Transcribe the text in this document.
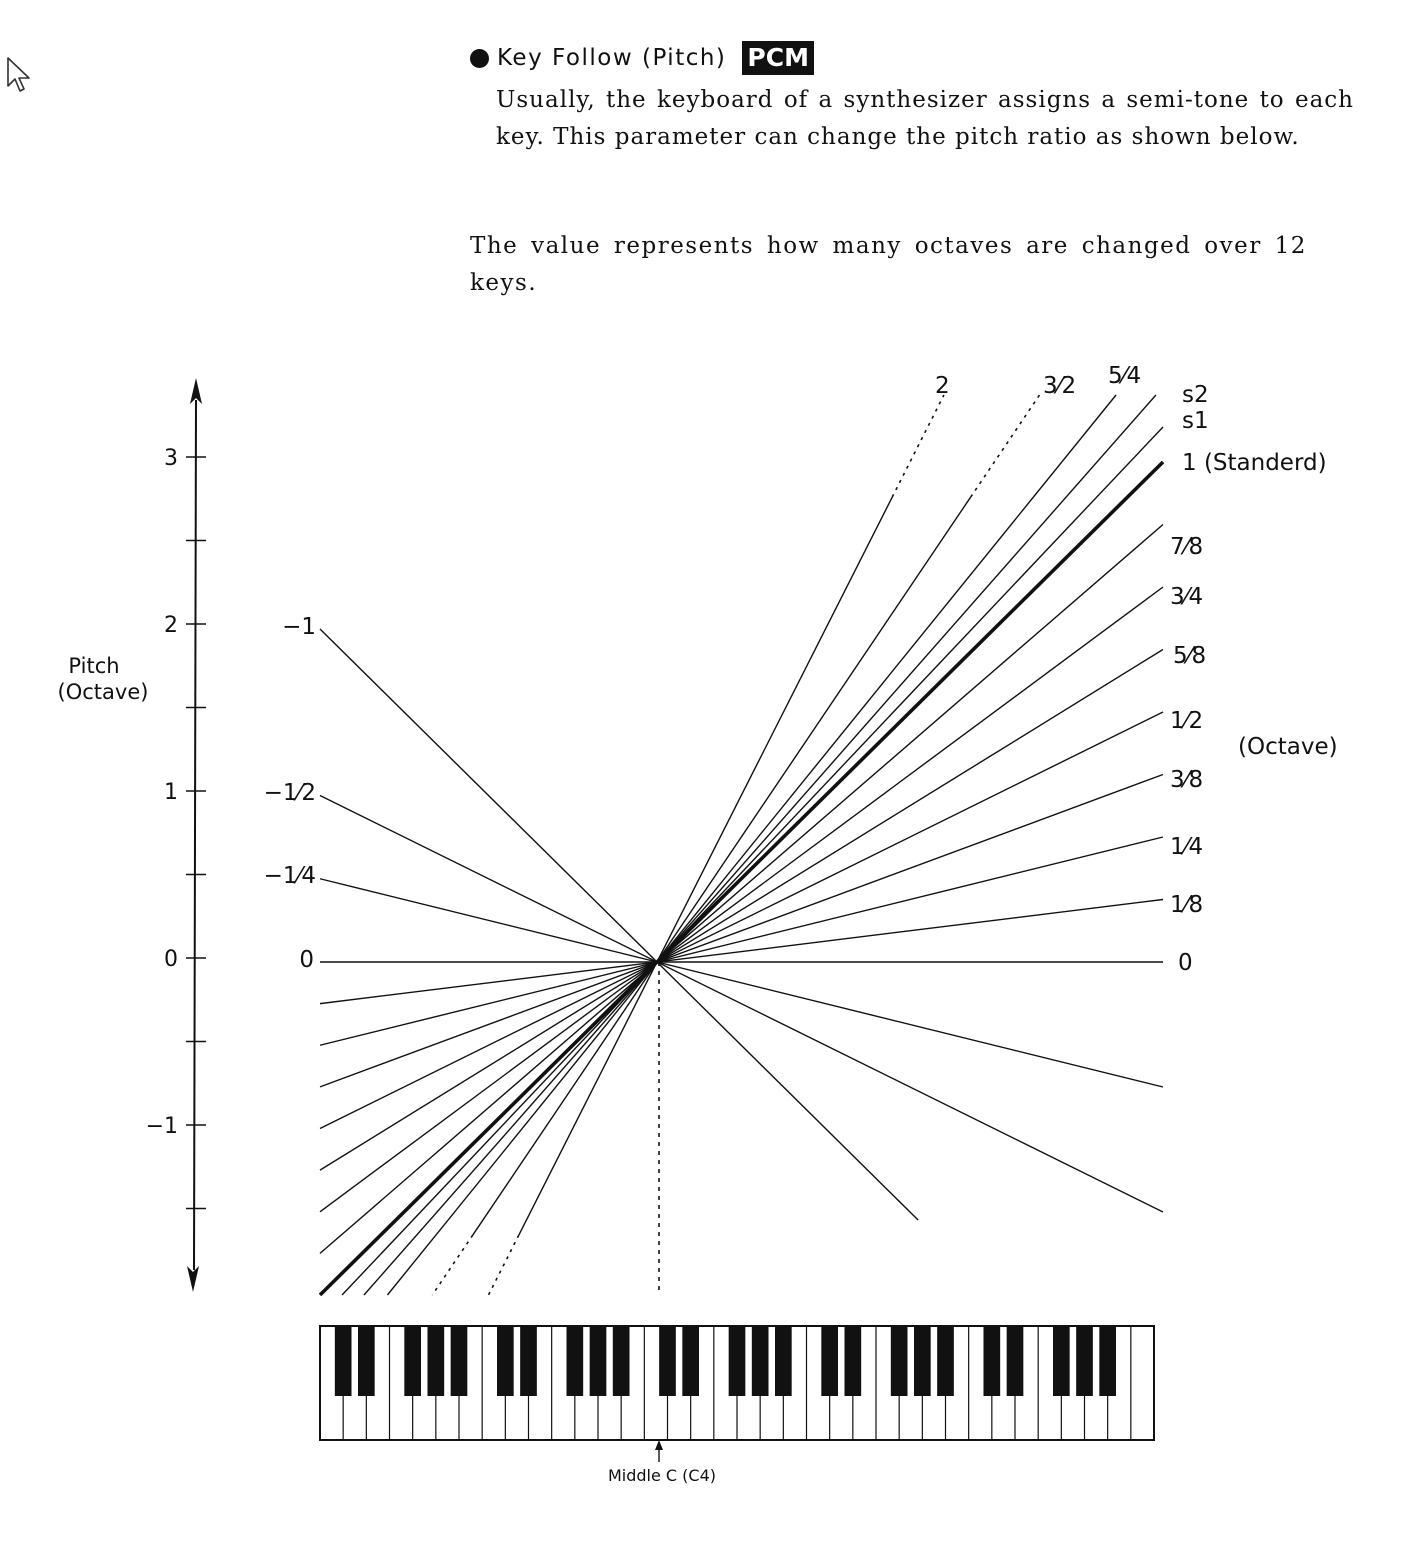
Key Follow (Pitch) PCM
Usually, the keyboard of a synthesizer assigns a semi-tone to each key. This parameter can change the pitch ratio as shown below.
The value represents how many octaves are changed over 12 keys.
3
2
1
0
−1
Pitch
(Octave)
2	3⁄2 5⁄4
s2
s1
1 (Standerd)
7⁄8
3⁄4
5⁄8
1⁄2
3⁄8
1⁄4
1⁄8
0
0
−1⁄4
−1⁄2
−1
(Octave)
Middle C (C4)
